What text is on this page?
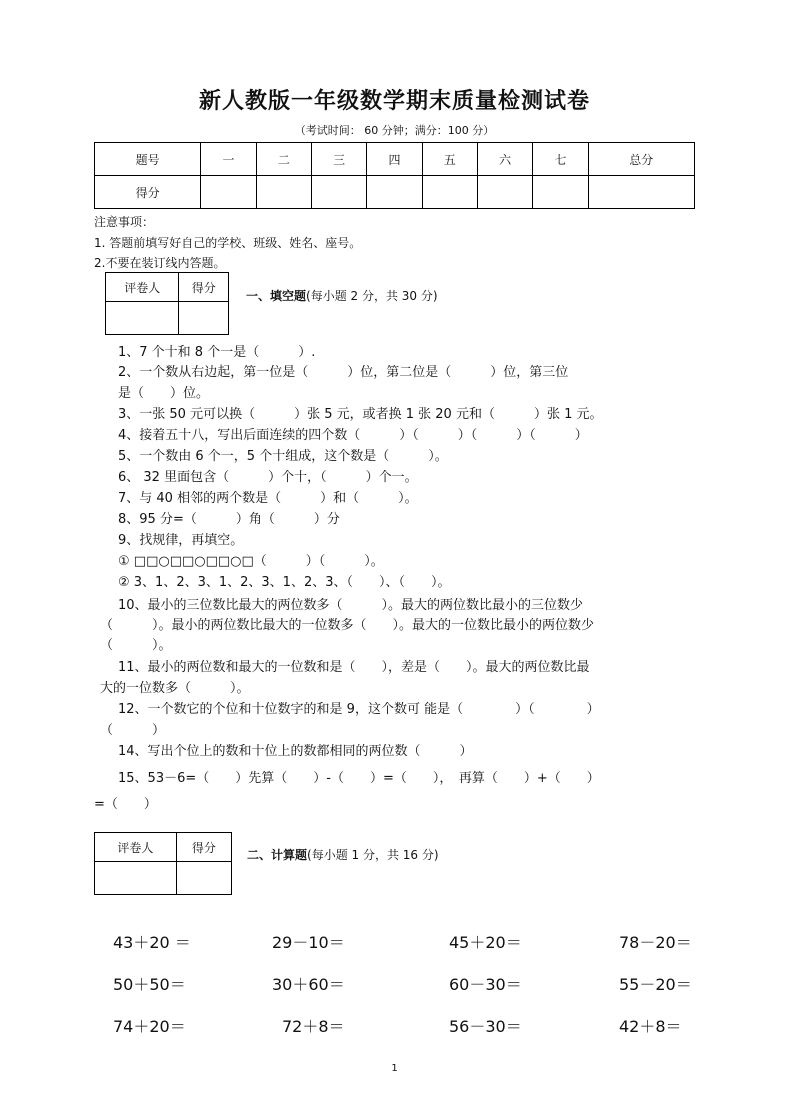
新人教版一年级数学期末质量检测试卷
（考试时间： 60 分钟；满分：100 分）
题号	一	二	三	四	五	六	七	总分
得分								
注意事项：
1. 答题前填写好自己的学校、班级、姓名、座号。
2.不要在装订线内答题。
评卷人	得分

一、填空题(每小题 2 分，共 30 分)
1、7 个十和 8 个一是（　　　）.
2、一个数从右边起，第一位是（　　　）位，第二位是（　　　）位，第三位
是（　　）位。
3、一张 50 元可以换（　　　）张 5 元，或者换 1 张 20 元和（　　　）张 1 元。
4、接着五十八，写出后面连续的四个数（　　　）（　　　）（　　　）（　　　）
5、一个数由 6 个一，5 个十组成，这个数是（　　　）。
6、 32 里面包含（　　　）个十，（　　　）个一。
7、与 40 相邻的两个数是（　　　）和（　　　）。
8、95 分=（　　　）角（　　　）分
9、找规律，再填空。
① □□○□□○□□○□（　　　）（　　　）。
② 3、1、2、3、1、2、3、1、2、3、（　　）、（　　）。
10、最小的三位数比最大的两位数多（　　　）。最大的两位数比最小的三位数少
（　　　）。最小的两位数比最大的一位数多（　　）。最大的一位数比最小的两位数少
（　　　）。
11、最小的两位数和最大的一位数和是（　　），差是（　　）。最大的两位数比最
大的一位数多（　　　）。
12、一个数它的个位和十位数字的和是 9，这个数可 能是（　　　　）（　　　　）
（　　　）
14、写出个位上的数和十位上的数都相同的两位数（　　　）
15、53－6=（　　）先算（　　）-（　　）=（　　），　再算（　　）+（　　）
=（　　）
评卷人	得分

二、计算题(每小题 1 分，共 16 分)
43＋20 ＝	29－10＝	45＋20＝	78－20＝
50＋50＝	30＋60＝	60－30＝	55－20＝
74＋20＝	72＋8＝	56－30＝	42＋8＝
1
